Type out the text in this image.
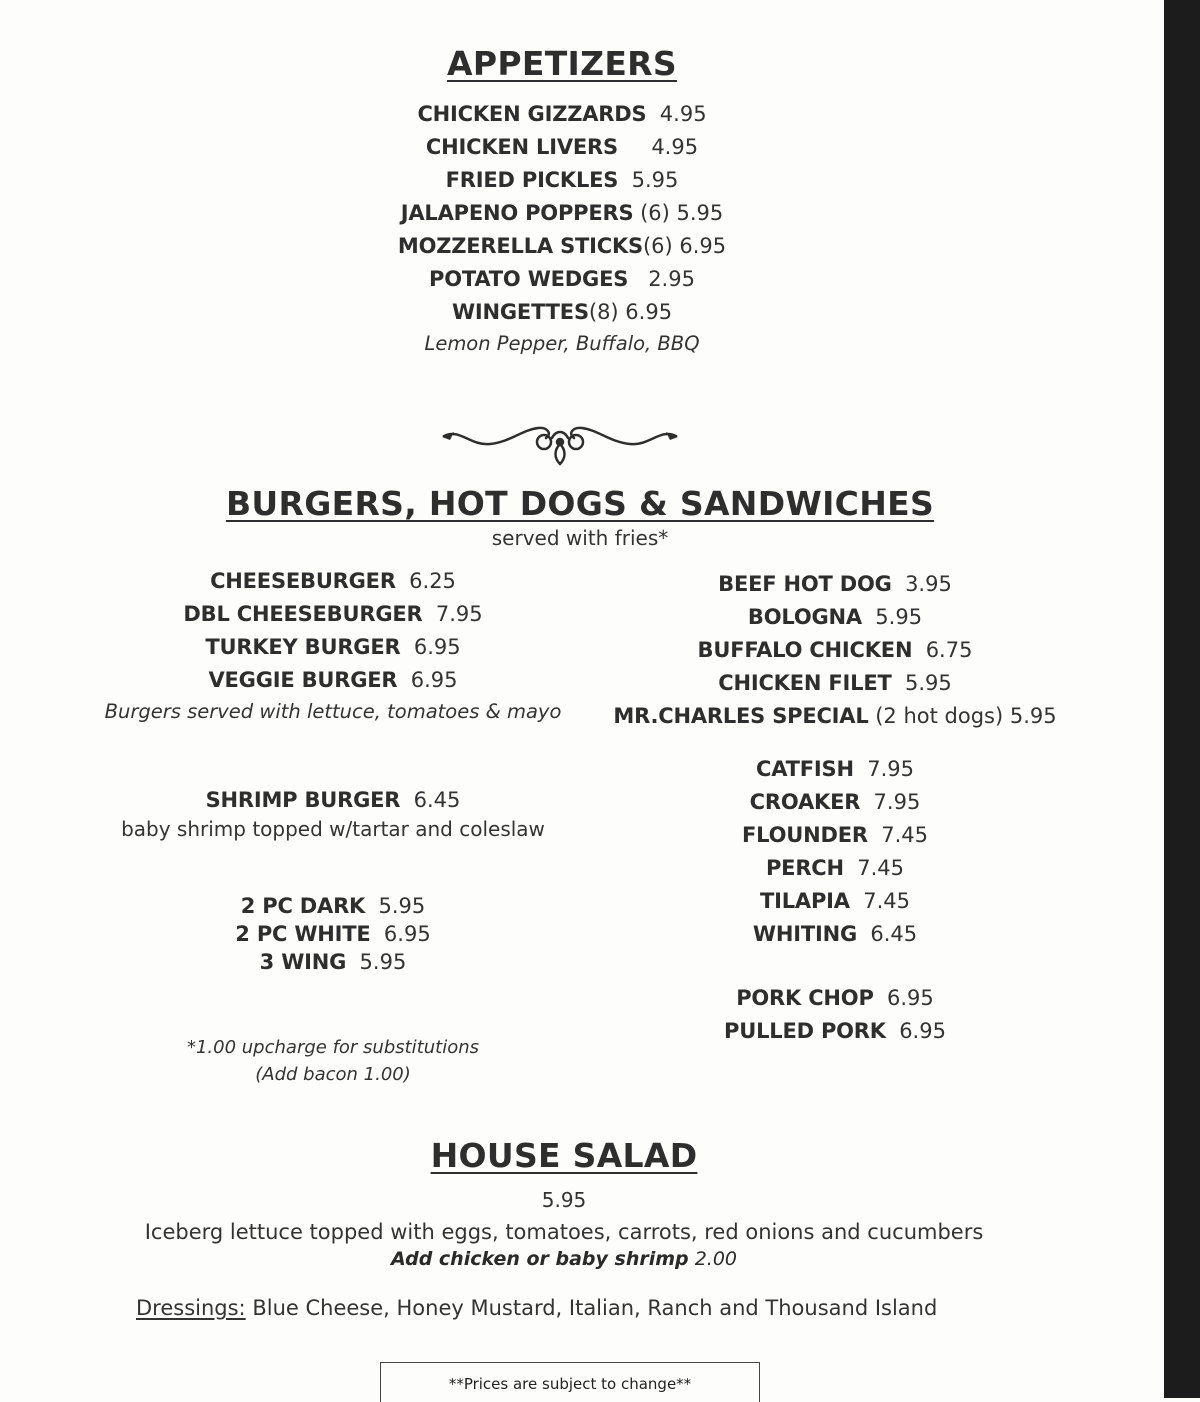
APPETIZERS
CHICKEN GIZZARDS 4.95
CHICKEN LIVERS 4.95
FRIED PICKLES 5.95
JALAPENO POPPERS (6) 5.95
MOZZERELLA STICKS(6) 6.95
POTATO WEDGES 2.95
WINGETTES(8) 6.95
Lemon Pepper, Buffalo, BBQ
BURGERS, HOT DOGS & SANDWICHES
served with fries*
CHEESEBURGER 6.25
DBL CHEESEBURGER 7.95
TURKEY BURGER 6.95
VEGGIE BURGER 6.95
Burgers served with lettuce, tomatoes & mayo
SHRIMP BURGER 6.45
baby shrimp topped w/tartar and coleslaw
2 PC DARK 5.95
2 PC WHITE 6.95
3 WING 5.95
*1.00 upcharge for substitutions
(Add bacon 1.00)
BEEF HOT DOG 3.95
BOLOGNA 5.95
BUFFALO CHICKEN 6.75
CHICKEN FILET 5.95
MR.CHARLES SPECIAL (2 hot dogs) 5.95
CATFISH 7.95
CROAKER 7.95
FLOUNDER 7.45
PERCH 7.45
TILAPIA 7.45
WHITING 6.45
PORK CHOP 6.95
PULLED PORK 6.95
HOUSE SALAD
5.95
Iceberg lettuce topped with eggs, tomatoes, carrots, red onions and cucumbers
Add chicken or baby shrimp 2.00
Dressings: Blue Cheese, Honey Mustard, Italian, Ranch and Thousand Island
**Prices are subject to change**
